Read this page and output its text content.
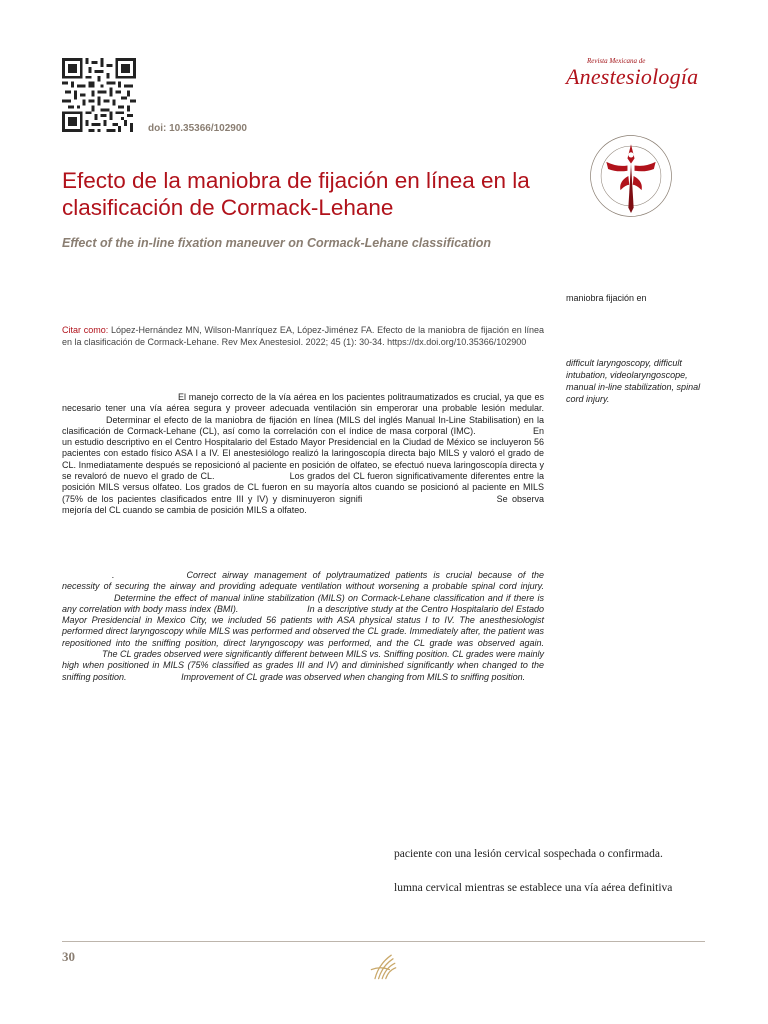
doi: 10.35366/102900
Revista Mexicana de
Anestesiología
Efecto de la maniobra de fijación en línea en la clasificación de Cormack-Lehane
Effect of the in-line fixation maneuver on Cormack-Lehane classification
maniobra fijación en
Citar como: López-Hernández MN, Wilson-Manríquez EA, López-Jiménez FA. Efecto de la maniobra de fijación en línea en la clasificación de Cormack-Lehane. Rev Mex Anestesiol. 2022; 45 (1): 30-34. https://dx.doi.org/10.35366/102900
difficult laryngoscopy, difficult intubation, videolaryngoscope, manual in-line stabilization, spinal cord injury.
El manejo correcto de la vía aérea en los pacientes politraumatizados es crucial, ya que es necesario tener una vía aérea segura y proveer adecuada ventilación sin emperorar una probable lesión medular. Determinar el efecto de la maniobra de fijación en línea (MILS del inglés Manual In-Line Stabilisation) en la clasificación de Cormack-Lehane (CL), así como la correlación con el índice de masa corporal (IMC).	En un estudio descriptivo en el Centro Hospitalario del Estado Mayor Presidencial en la Ciudad de México se incluyeron 56 pacientes con estado físico ASA I a IV. El anestesiólogo realizó la laringoscopía directa bajo MILS y valoró el grado de CL. Inmediatamente después se reposicionó al paciente en posición de olfateo, se efectuó nueva laringoscopía directa y se revaloró de nuevo el grado de CL.	Los grados del CL fueron significativamente diferentes entre la posición MILS versus olfateo. Los grados de CL fueron en su mayoría altos cuando se posicionó al paciente en MILS (75% de los pacientes clasificados entre III y IV) y disminuyeron signifi	Se observa mejoría del CL cuando se cambia de posición MILS a olfateo.
.	Correct airway management of polytraumatized patients is crucial because of the necessity of securing the airway and providing adequate ventilation without worsening a probable spinal cord injury. Determine the effect of manual inline stabilization (MILS) on Cormack-Lehane classification and if there is any correlation with body mass index (BMI).	In a descriptive study at the Centro Hospitalario del Estado Mayor Presidencial in Mexico City, we included 56 patients with ASA physical status I to IV. The anesthesiologist performed direct laryngoscopy while MILS was performed and observed the CL grade. Immediately after, the patient was repositioned into the sniffing position, direct laryngoscopy was performed, and the CL grade was observed again. The CL grades observed were significantly different between MILS vs. Sniffing position. CL grades were mainly high when positioned in MILS (75% classified as grades III and IV) and diminished significantly when changed to the sniffing position.	Improvement of CL grade was observed when changing from MILS to sniffing position.
paciente con una lesión cervical sospechada o confirmada.
lumna cervical mientras se establece una vía aérea definitiva
30
